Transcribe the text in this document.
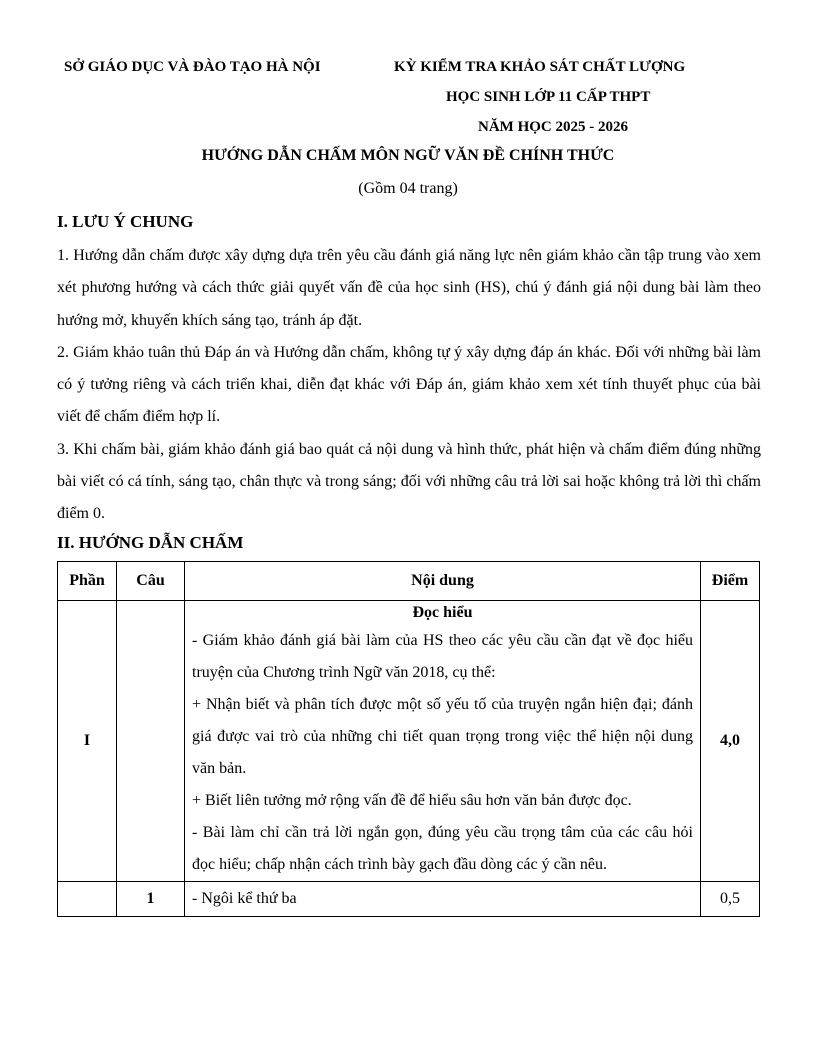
SỞ GIÁO DỤC VÀ ĐÀO TẠO HÀ NỘI	KỲ KIỂM TRA KHẢO SÁT CHẤT LƯỢNG
HỌC SINH LỚP 11 CẤP THPT
NĂM HỌC 2025 - 2026
HƯỚNG DẪN CHẤM MÔN NGỮ VĂN ĐỀ CHÍNH THỨC
(Gồm 04 trang)
I. LƯU Ý CHUNG

1. Hướng dẫn chấm được xây dựng dựa trên yêu cầu đánh giá năng lực nên giám khảo cần tập trung vào xem xét phương hướng và cách thức giải quyết vấn đề của học sinh (HS), chú ý đánh giá nội dung bài làm theo hướng mở, khuyến khích sáng tạo, tránh áp đặt.

2. Giám khảo tuân thủ Đáp án và Hướng dẫn chấm, không tự ý xây dựng đáp án khác. Đối với những bài làm có ý tưởng riêng và cách triển khai, diễn đạt khác với Đáp án, giám khảo xem xét tính thuyết phục của bài viết để chấm điểm hợp lí.

3. Khi chấm bài, giám khảo đánh giá bao quát cả nội dung và hình thức, phát hiện và chấm điểm đúng những bài viết có cá tính, sáng tạo, chân thực và trong sáng; đối với những câu trả lời sai hoặc không trả lời thì chấm điểm 0.

II. HƯỚNG DẪN CHẤM
Phần	Câu	Nội dung	Điểm
I		Đọc hiểu
- Giám khảo đánh giá bài làm của HS theo các yêu cầu cần đạt về đọc hiểu truyện của Chương trình Ngữ văn 2018, cụ thể:
+ Nhận biết và phân tích được một số yếu tố của truyện ngắn hiện đại; đánh giá được vai trò của những chi tiết quan trọng trong việc thể hiện nội dung văn bản.
+ Biết liên tưởng mở rộng vấn đề để hiểu sâu hơn văn bản được đọc.
- Bài làm chỉ cần trả lời ngắn gọn, đúng yêu cầu trọng tâm của các câu hỏi đọc hiểu; chấp nhận cách trình bày gạch đầu dòng các ý cần nêu.	4,0
	1	- Ngôi kể thứ ba	0,5
